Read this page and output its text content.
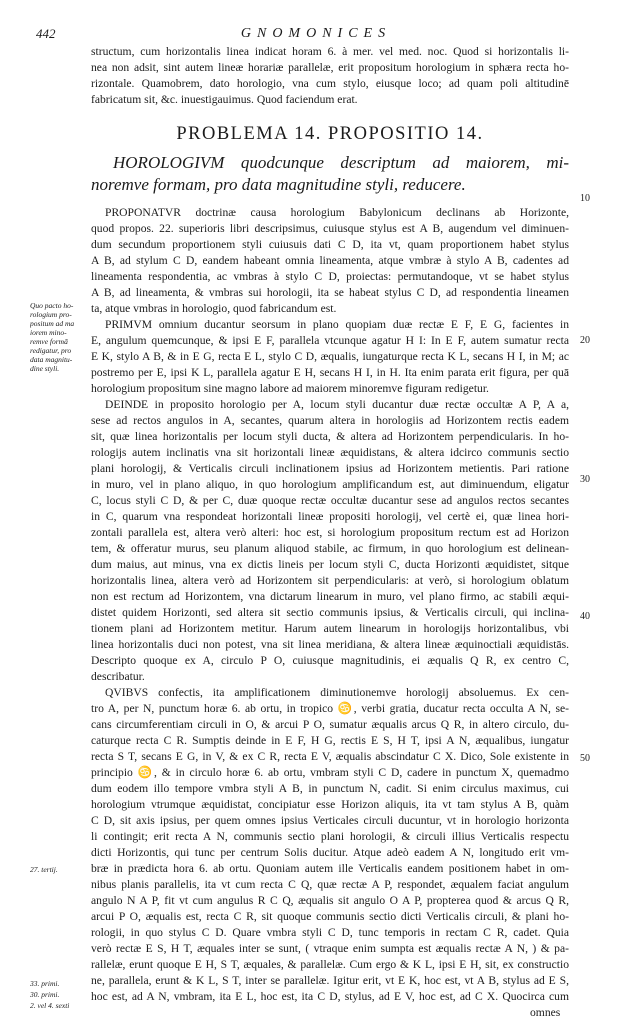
442	GNOMONICES
structum, cum horizontalis linea indicat horam 6. à mer. vel med. noc. Quod si horizontalis li-
nea non adsit, sint autem lineæ horariæ parallelæ, erit propositum horologium in sphæra recta ho-
rizontale. Quamobrem, dato horologio, vna cum stylo, eiusque loco; ad quam poli altitudinē
fabricatum sit, &c. inuestigauimus. Quod faciendum erat.
PROBLEMA 14. PROPOSITIO 14.
HOROLOGIVM quodcunque descriptum ad maiorem, mi-
noremve formam, pro data magnitudine styli, reducere.
PROPONATVR doctrinæ causa horologium Babylonicum declinans ab Horizonte,
quod propos. 22. superioris libri descripsimus, cuiusque stylus est A B, augendum vel diminuen-
dum secundum proportionem styli cuiusuis dati C D, ita vt, quam proportionem habet stylus
A B, ad stylum C D, eandem habeant omnia lineamenta, atque vmbræ à stylo A B, cadentes ad
lineamenta respondentia, ac vmbras à stylo C D, proiectas: permutandoque, vt se habet stylus
A B, ad lineamenta, & vmbras sui horologii, ita se habeat stylus C D, ad respondentia lineamen
ta, atque vmbras in horologio, quod fabricandum est.
PRIMVM omnium ducantur seorsum in plano quopiam duæ rectæ E F, E G, facientes in
E, angulum quemcunque, & ipsi E F, parallela vtcunque agatur H I: In E F, autem sumatur recta
E K, stylo A B, & in E G, recta E L, stylo C D, æqualis, iungaturque recta K L, secans H I, in M; ac
postremo per E, ipsi K L, parallela agatur E H, secans H I, in H. Ita enim parata erit figura, per quā
horologium propositum sine magno labore ad maiorem minoremve figuram redigetur.
DEINDE in proposito horologio per A, locum styli ducantur duæ rectæ occultæ A P, A a,
sese ad rectos angulos in A, secantes, quarum altera in horologiis ad Horizontem rectis eadem
sit, quæ linea horizontalis per locum styli ducta, & altera ad Horizontem perpendicularis. In ho-
rologijs autem inclinatis vna sit horizontali lineæ æquidistans, & altera idcirco communis sectio
plani horologij, & Verticalis circuli inclinationem ipsius ad Horizontem metientis. Pari ratione
in muro, vel in plano aliquo, in quo horologium amplificandum est, aut diminuendum, eligatur
C, locus styli C D, & per C, duæ quoque rectæ occultæ ducantur sese ad angulos rectos secantes
in C, quarum vna respondeat horizontali lineæ propositi horologij, vel certè ei, quæ linea hori-
zontali parallela est, altera verò alteri: hoc est, si horologium propositum rectum est ad Horizon
tem, & offeratur murus, seu planum aliquod stabile, ac firmum, in quo horologium est delinean-
dum maius, aut minus, vna ex dictis lineis per locum styli C, ducta Horizonti æquidistet, sitque
horizontalis linea, altera verò ad Horizontem sit perpendicularis: at verò, si horologium oblatum
non est rectum ad Horizontem, vna dictarum linearum in muro, vel plano firmo, ac stabili æqui-
distet quidem Horizonti, sed altera sit sectio communis ipsius, & Verticalis circuli, qui inclina-
tionem plani ad Horizontem metitur. Harum autem linearum in horologijs horizontalibus, vbi
linea horizontalis duci non potest, vna sit linea meridiana, & altera lineæ æquinoctiali æquidistās.
Descripto quoque ex A, circulo P O, cuiusque magnitudinis, ei æqualis Q R, ex centro C,
describatur.
QVIBVS confectis, ita amplificationem diminutionemve horologij absoluemus. Ex cen-
tro A, per N, punctum horæ 6. ab ortu, in tropico ♋, verbi gratia, ducatur recta occulta A N, se-
cans circumferentiam circuli in O, & arcui P O, sumatur æqualis arcus Q R, in altero circulo, du-
caturque recta C R. Sumptis deinde in E F, H G, rectis E S, H T, ipsi A N, æqualibus, iungatur
recta S T, secans E G, in V, & ex C R, recta E V, æqualis abscindatur C X. Dico, Sole existente in
principio ♋, & in circulo horæ 6. ab ortu, vmbram styli C D, cadere in punctum X, quemadmo
dum eodem illo tempore vmbra styli A B, in punctum N, cadit. Si enim circulus maximus, cui
horologium vtrumque æquidistat, concipiatur esse Horizon aliquis, ita vt tam stylus A B, quàm
C D, sit axis ipsius, per quem omnes ipsius Verticales circuli ducuntur, vt in horologio horizonta
li contingit; erit recta A N, communis sectio plani horologii, & circuli illius Verticalis respectu
dicti Horizontis, qui tunc per centrum Solis ducitur. Atque adeò eadem A N, longitudo erit vm-
bræ in prædicta hora 6. ab ortu. Quoniam autem ille Verticalis eandem positionem habet in om-
nibus planis parallelis, ita vt cum recta C Q, quæ rectæ A P, respondet, æqualem faciat angulum
angulo N A P, fit vt cum angulus R C Q, æqualis sit angulo O A P, propterea quod & arcus Q R,
arcui P O, æqualis est, recta C R, sit quoque communis sectio dicti Verticalis circuli, & plani ho-
rologii, in quo stylus C D. Quare vmbra styli C D, tunc temporis in rectam C R, cadet. Quia
verò rectæ E S, H T, æquales inter se sunt, ( vtraque enim sumpta est æqualis rectæ A N, ) & pa-
rallelæ, erunt quoque E H, S T, æquales, & parallelæ. Cum ergo & K L, ipsi E H, sit, ex constructio
ne, parallela, erunt & K L, S T, inter se parallelæ. Igitur erit, vt E K, hoc est, vt A B, stylus ad E S,
hoc est, ad A N, vmbram, ita E L, hoc est, ita C D, stylus, ad E V, hoc est, ad C X. Quocirca cum
omnes
Quo pacto ho-
rologium pro-
positum ad ma
iorem mino-
remve formā
redigatur, pro
data magnitu-
dine styli.
27. tertij.
33. primi.
30. primi.
2. vel 4. sexti
10
20
30
40
50
